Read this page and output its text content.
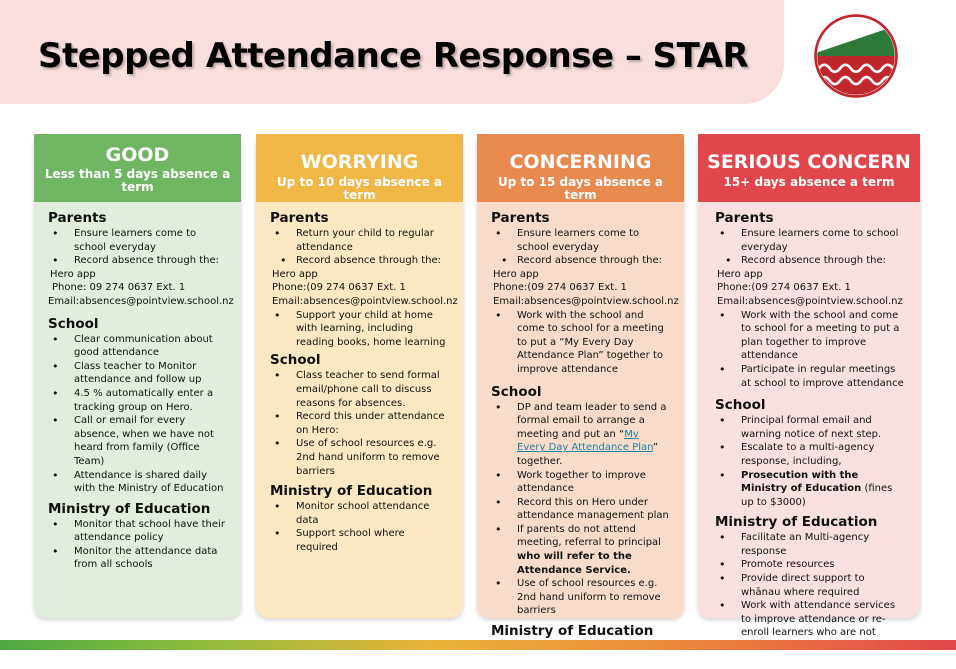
Stepped Attendance Response – STAR
GOOD
Less than 5 days absence a term
Parents
• Ensure learners come to school everyday
• Record absence through the:
Hero app
Phone: 09 274 0637 Ext. 1
Email:absences@pointview.school.nz
School
• Clear communication about good attendance
• Class teacher to Monitor attendance and follow up
• 4.5 % automatically enter a tracking group on Hero.
• Call or email for every absence, when we have not heard from family (Office Team)
• Attendance is shared daily with the Ministry of Education
Ministry of Education
• Monitor that school have their attendance policy
• Monitor the attendance data from all schools
WORRYING
Up to 10 days absence a term
Parents
• Return your child to regular attendance
• Record absence through the:
Hero app
Phone:(09 274 0637 Ext. 1
Email:absences@pointview.school.nz
• Support your child at home with learning, including reading books, home learning
School
• Class teacher to send formal email/phone call to discuss reasons for absences.
• Record this under attendance on Hero:
• Use of school resources e.g. 2nd hand uniform to remove barriers
Ministry of Education
• Monitor school attendance data
• Support school where required
CONCERNING
Up to 15 days absence a term
Parents
• Ensure learners come to school everyday
• Record absence through the:
Hero app
Phone:(09 274 0637 Ext. 1
Email:absences@pointview.school.nz
• Work with the school and come to school for a meeting to put a “My Every Day Attendance Plan” together to improve attendance
School
• DP and team leader to send a formal email to arrange a meeting and put an “My Every Day Attendance Plan” together.
• Work together to improve attendance
• Record this on Hero under attendance management plan
• If parents do not attend meeting, referral to principal who will refer to the Attendance Service.
• Use of school resources e.g. 2nd hand uniform to remove barriers
Ministry of Education
•
SERIOUS CONCERN
15+ days absence a term
Parents
• Ensure learners come to school everyday
• Record absence through the:
Hero app
Phone:(09 274 0637 Ext. 1
Email:absences@pointview.school.nz
• Work with the school and come to school for a meeting to put a plan together to improve attendance
• Participate in regular meetings at school to improve attendance
School
• Principal formal email and warning notice of next step.
• Escalate to a multi-agency response, including,
• Prosecution with the Ministry of Education (fines up to $3000)
Ministry of Education
• Facilitate an Multi-agency response
• Promote resources
• Provide direct support to whānau where required
• Work with attendance services to improve attendance or re-enroll learners who are not
